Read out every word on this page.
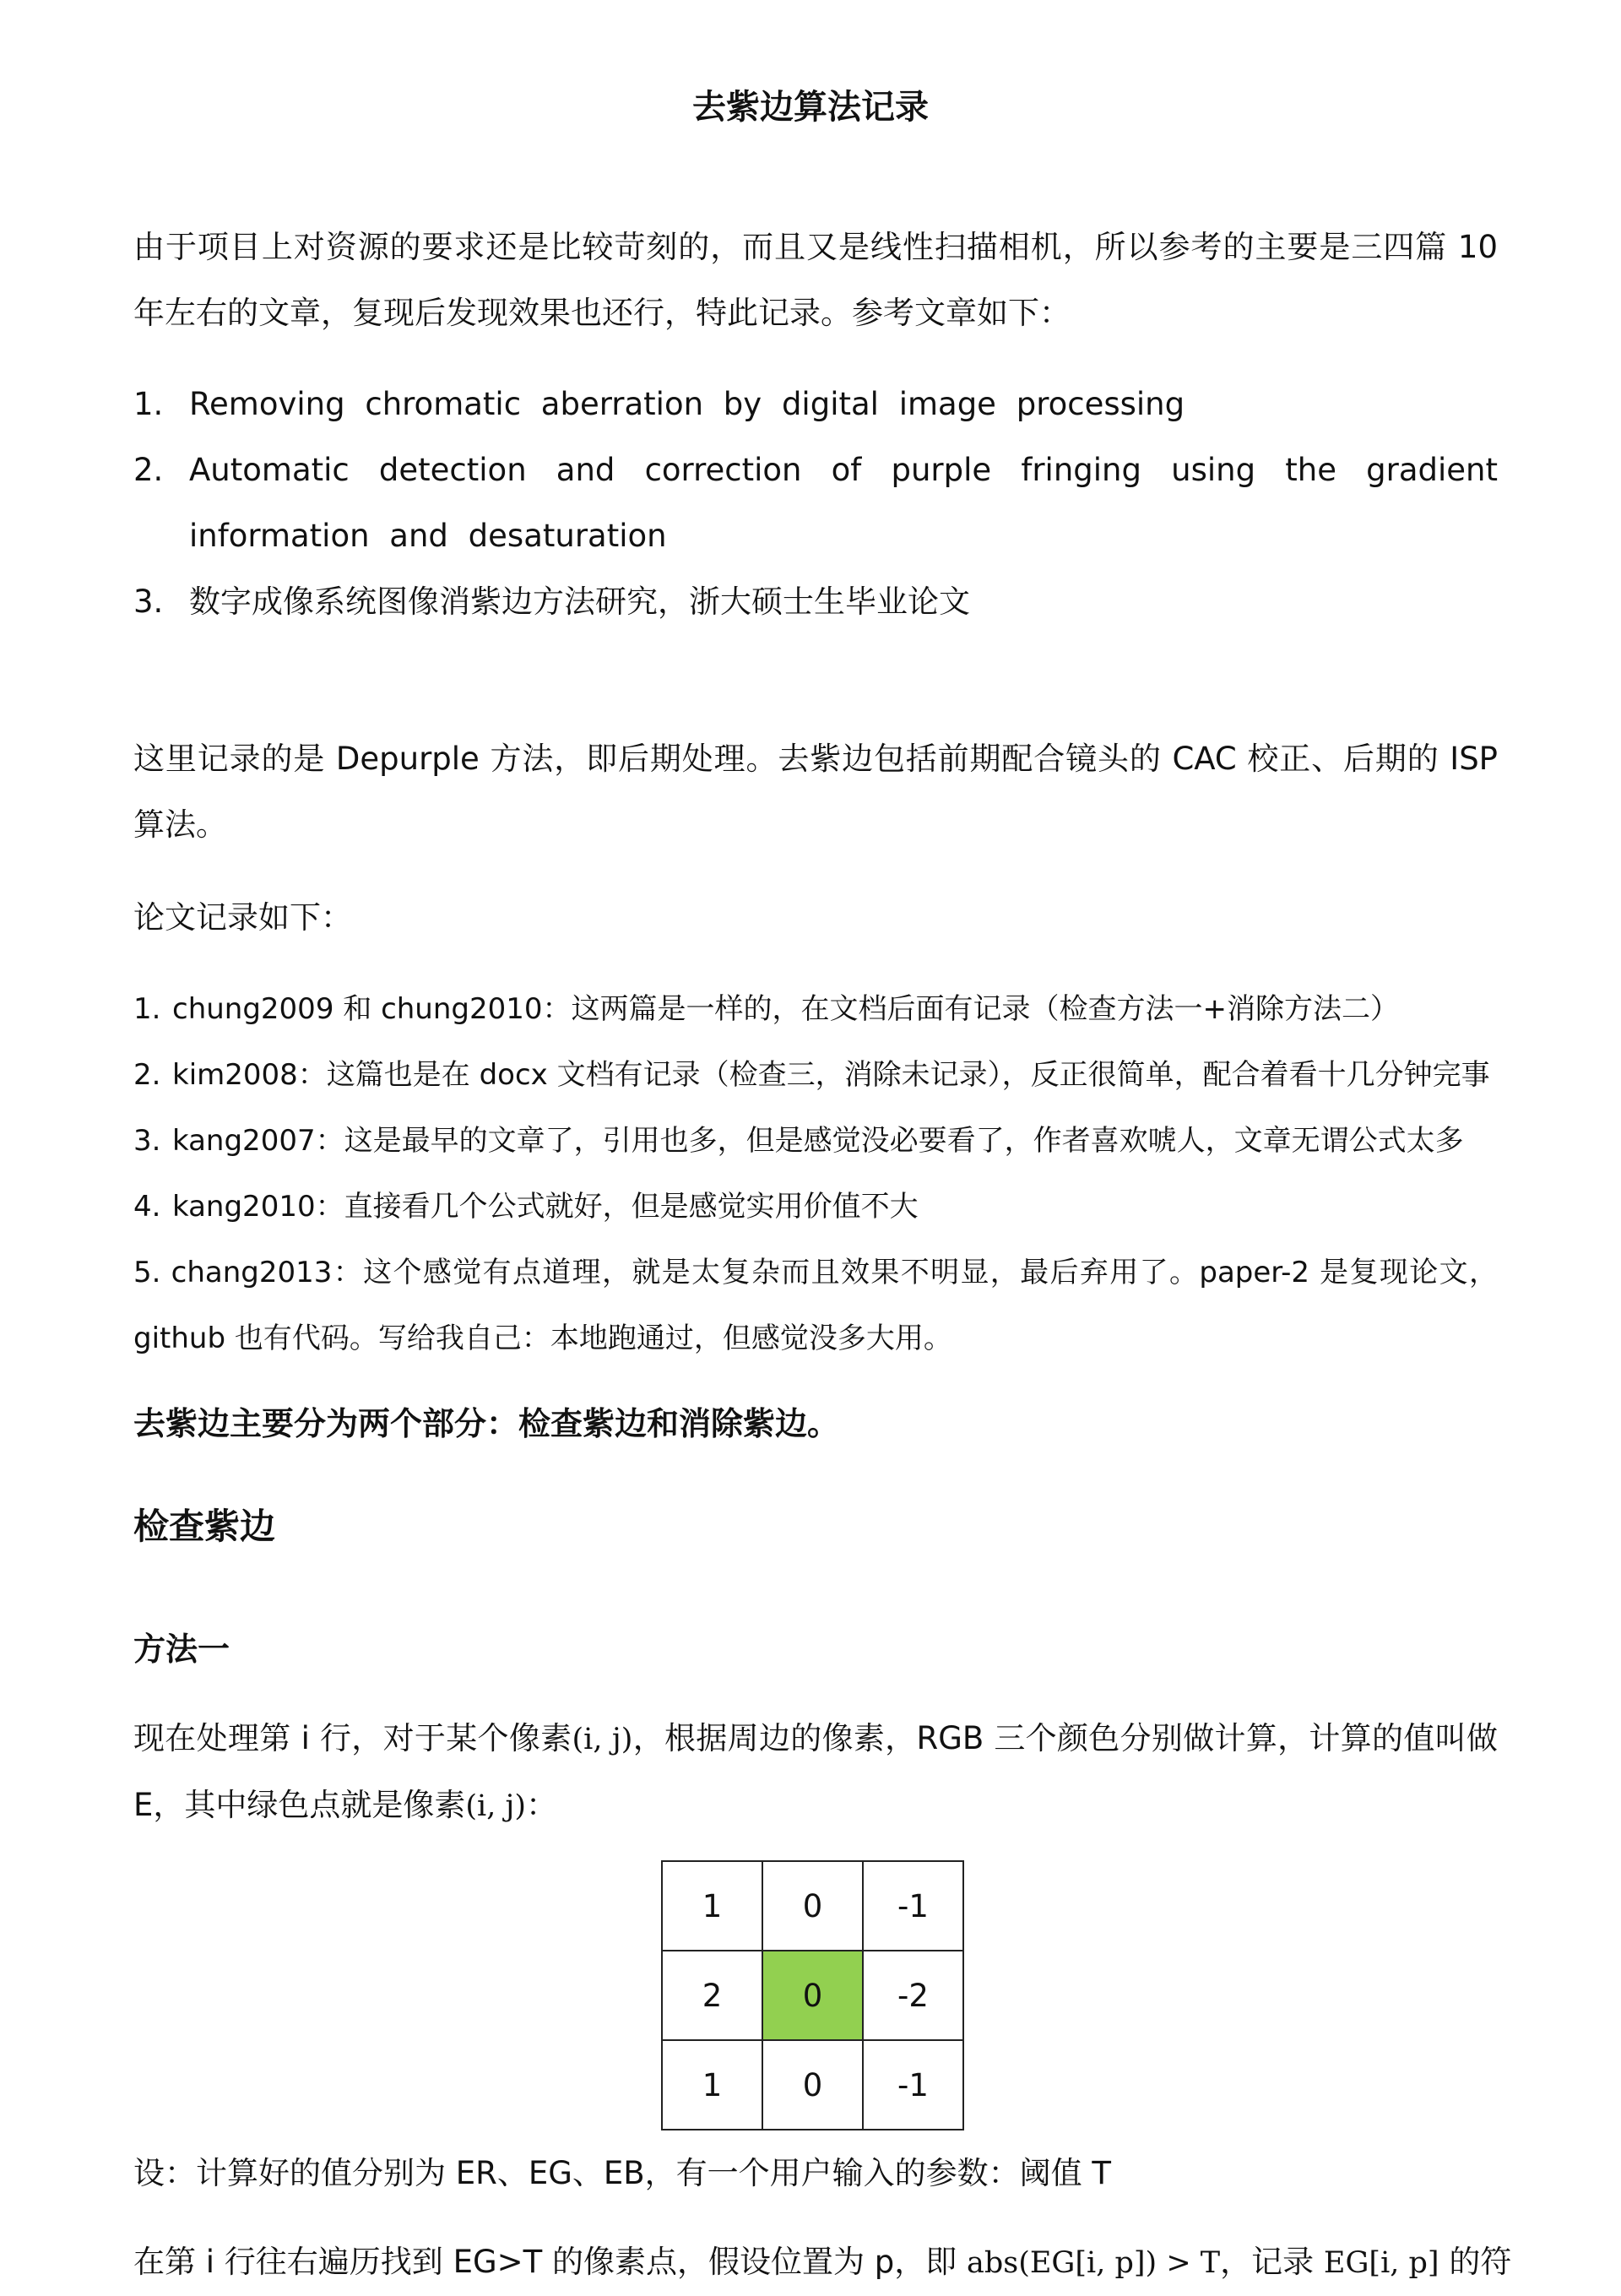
去紫边算法记录

由于项目上对资源的要求还是比较苛刻的，而且又是线性扫描相机，所以参考的主要是三四篇 10 年左右的文章，复现后发现效果也还行，特此记录。参考文章如下：

1. Removing chromatic aberration by digital image processing
2. Automatic detection and correction of purple fringing using the gradient information and desaturation
3. 数字成像系统图像消紫边方法研究，浙大硕士生毕业论文

这里记录的是 Depurple 方法，即后期处理。去紫边包括前期配合镜头的 CAC 校正、后期的 ISP 算法。

论文记录如下：

1. chung2009 和 chung2010：这两篇是一样的，在文档后面有记录（检查方法一+消除方法二）
2. kim2008：这篇也是在 docx 文档有记录（检查三，消除未记录），反正很简单，配合着看十几分钟完事
3. kang2007：这是最早的文章了，引用也多，但是感觉没必要看了，作者喜欢唬人，文章无谓公式太多
4. kang2010：直接看几个公式就好，但是感觉实用价值不大
5. chang2013：这个感觉有点道理，就是太复杂而且效果不明显，最后弃用了。paper-2 是复现论文，github 也有代码。写给我自己：本地跑通过，但感觉没多大用。
去紫边主要分为两个部分：检查紫边和消除紫边。
检查紫边
方法一

现在处理第 i 行，对于某个像素(i, j)，根据周边的像素，RGB 三个颜色分别做计算，计算的值叫做 E，其中绿色点就是像素(i, j)：

1	0	-1
2	0	-2
1	0	-1

设：计算好的值分别为 ER、EG、EB，有一个用户输入的参数：阈值 T

在第 i 行往右遍历找到 EG>T 的像素点，假设位置为 p，即 abs(EG[i, p]) > T，记录 EG[i, p] 的符
